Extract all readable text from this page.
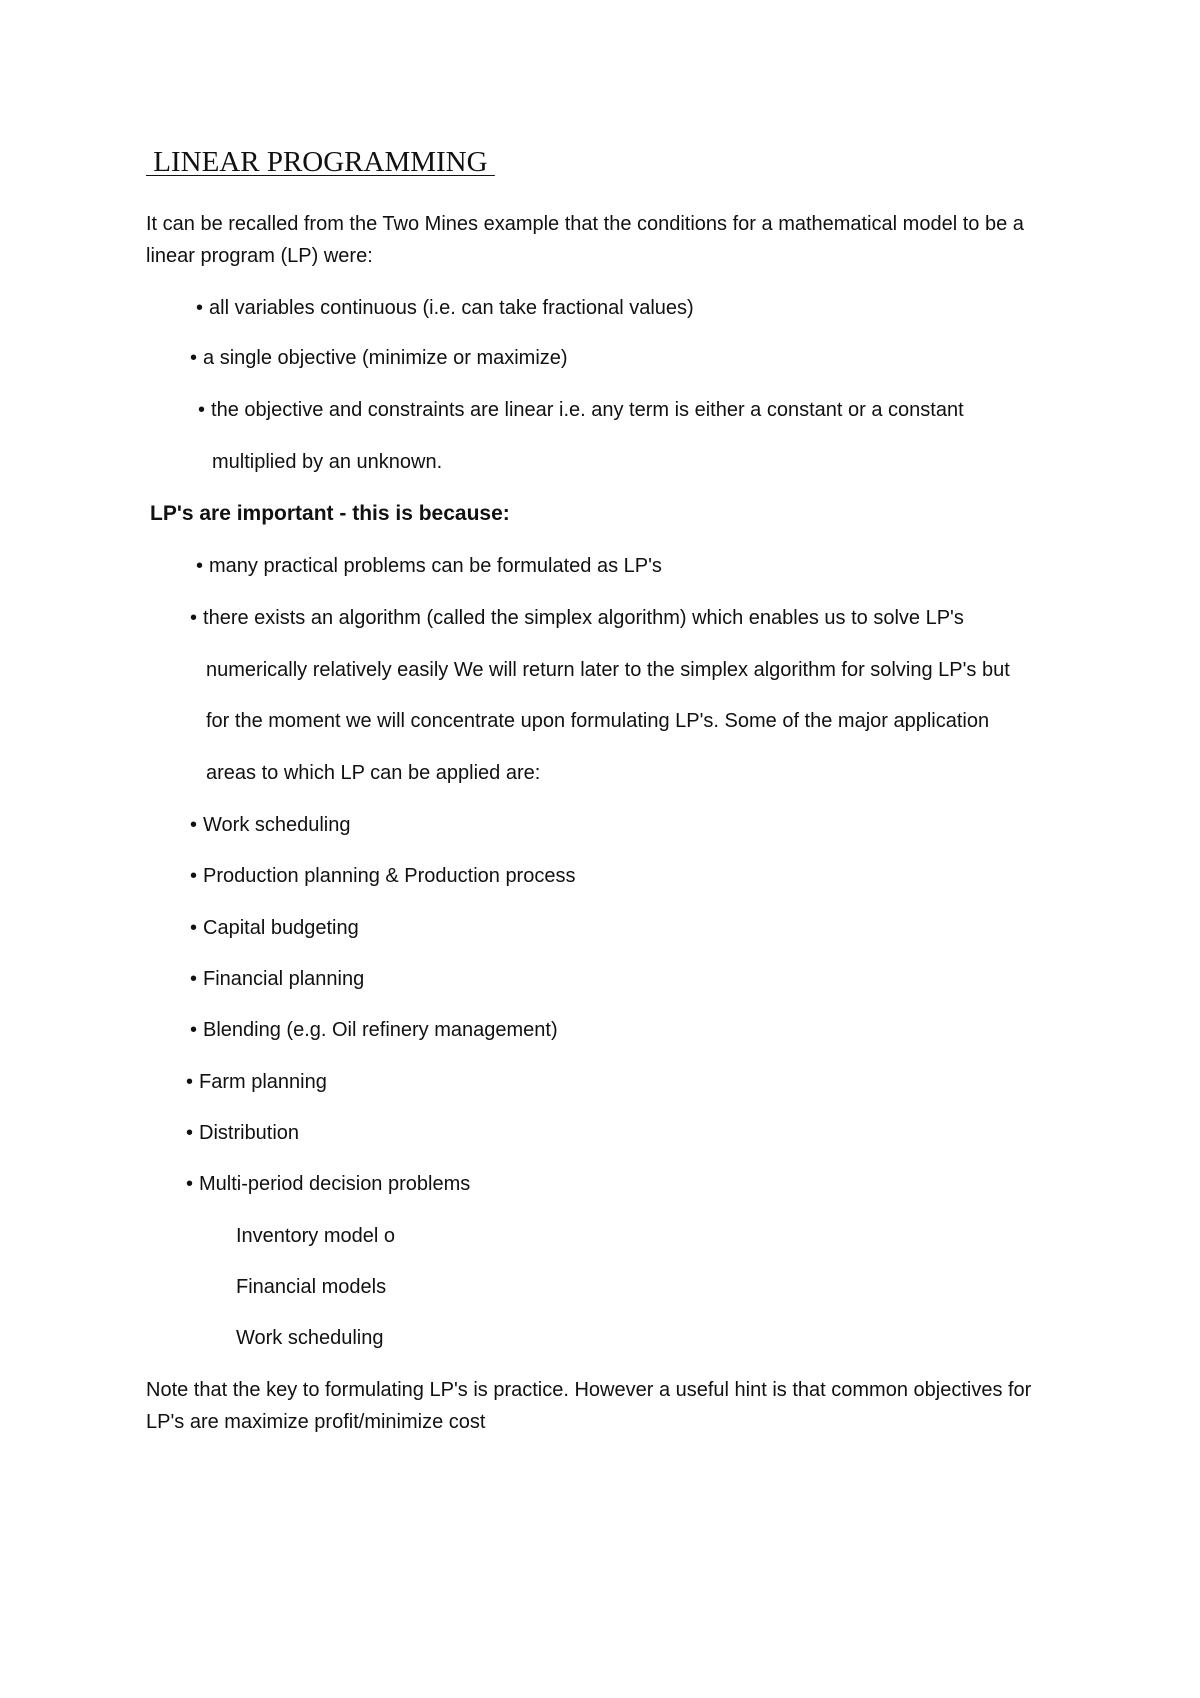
LINEAR PROGRAMMING
It can be recalled from the Two Mines example that the conditions for a mathematical model to be a
linear program (LP) were:
• all variables continuous (i.e. can take fractional values)
• a single objective (minimize or maximize)
• the objective and constraints are linear i.e. any term is either a constant or a constant
multiplied by an unknown.
LP's are important - this is because:
• many practical problems can be formulated as LP's
• there exists an algorithm (called the simplex algorithm) which enables us to solve LP's
numerically relatively easily We will return later to the simplex algorithm for solving LP's but
for the moment we will concentrate upon formulating LP's. Some of the major application
areas to which LP can be applied are:
• Work scheduling
• Production planning & Production process
• Capital budgeting
• Financial planning
• Blending (e.g. Oil refinery management)
• Farm planning
• Distribution
• Multi-period decision problems
Inventory model o
Financial models
Work scheduling
Note that the key to formulating LP's is practice. However a useful hint is that common objectives for
LP's are maximize profit/minimize cost
